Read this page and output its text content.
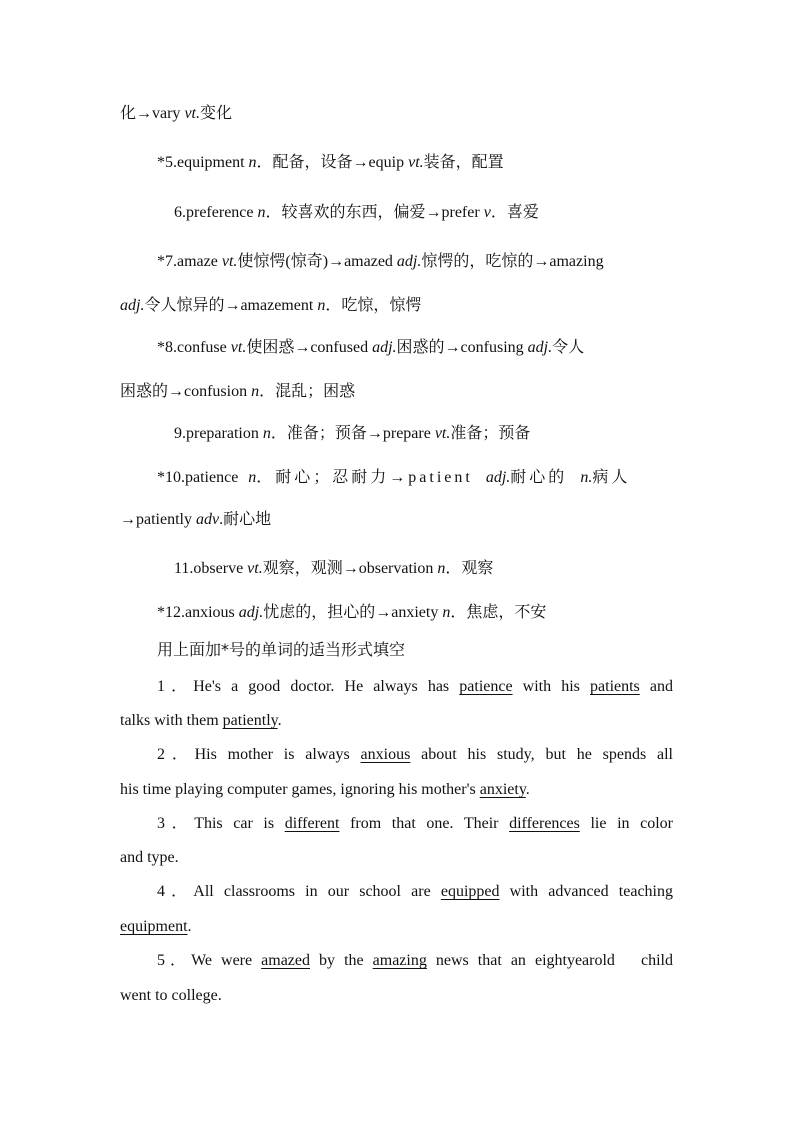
化→vary vt.变化
*5.equipment n．配备，设备→equip vt.装备，配置
6.preference n．较喜欢的东西，偏爱→prefer v．喜爱
*7.amaze vt.使惊愕(惊奇)→amazed adj.惊愕的，吃惊的→amazing
adj.令人惊异的→amazement n．吃惊，惊愕
*8.confuse vt.使困惑→confused adj.困惑的→confusing adj.令人
困惑的→confusion n．混乱；困惑
9.preparation n．准备；预备→prepare vt.准备；预备
*10.patience n．耐心；忍耐力→patient adj.耐心的 n.病人
→patiently adv.耐心地
11.observe vt.观察，观测→observation n．观察
*12.anxious adj.忧虑的，担心的→anxiety n．焦虑，不安
用上面加*号的单词的适当形式填空
1．He's a good doctor. He always has patience with his patients and
talks with them patiently.
2．His mother is always anxious about his study, but he spends all
his time playing computer games, ignoring his mother's anxiety.
3．This car is different from that one. Their differences lie in color
and type.
4．All classrooms in our school are equipped with advanced teaching
equipment.
5．We were amazed by the amazing news that an eightyearold　child
went to college.
